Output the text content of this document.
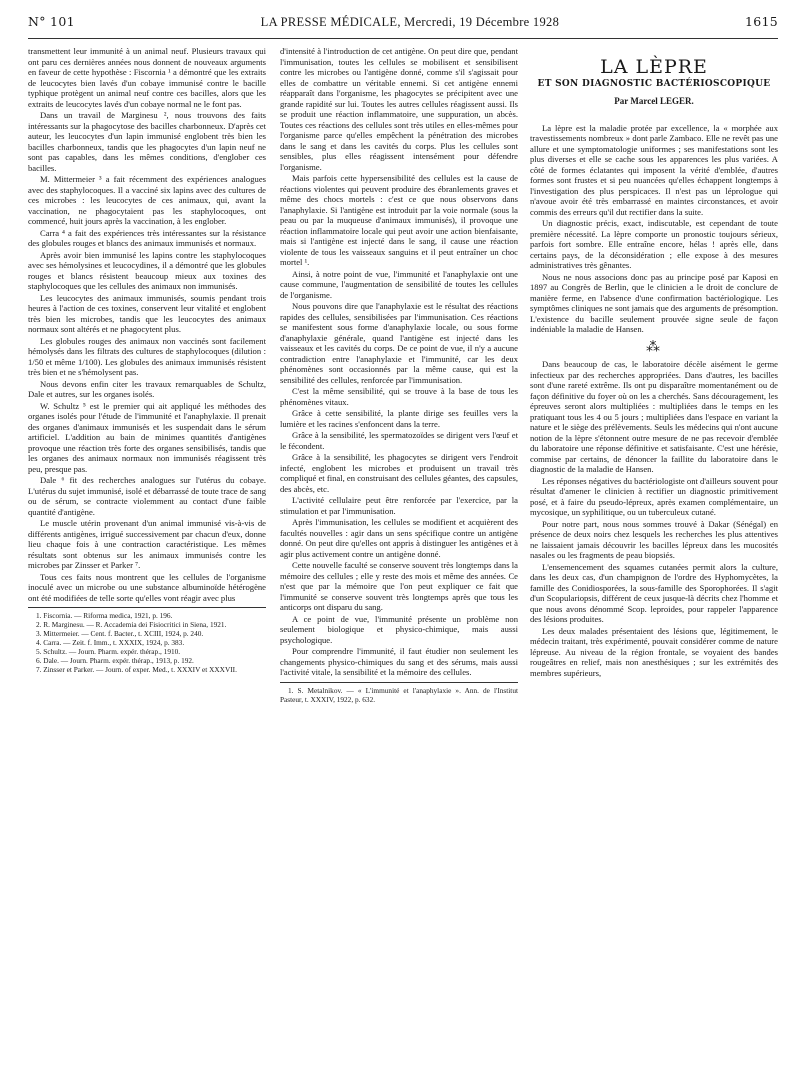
N° 101	LA PRESSE MÉDICALE, Mercredi, 19 Décembre 1928	1615

transmettent leur immunité à un animal neuf. Plusieurs travaux qui ont paru ces dernières années nous donnent de nouveaux arguments en faveur de cette hypothèse : Fiscornia ¹ a démontré que les extraits de leucocytes bien lavés d'un cobaye immunisé contre le bacille typhique protègent un animal neuf contre ces bacilles, alors que les extraits de leucocytes lavés d'un cobaye normal ne le font pas.

Dans un travail de Marginesu ², nous trouvons des faits intéressants sur la phagocytose des bacilles charbonneux. D'après cet auteur, les leucocytes d'un lapin immunisé englobent très bien les bacilles charbonneux, tandis que les phagocytes d'un lapin neuf ne sont pas capables, dans les mêmes conditions, d'englober ces bacilles.

M. Mittermeier ³ a fait récemment des expériences analogues avec des staphylocoques. Il a vacciné six lapins avec des cultures de ces microbes : les leucocytes de ces animaux, qui, avant la vaccination, ne phagocytaient pas les staphylocoques, ont commencé, huit jours après la vaccination, à les englober.

Carra ⁴ a fait des expériences très intéressantes sur la résistance des globules rouges et blancs des animaux immunisés et normaux.

Après avoir bien immunisé les lapins contre les staphylocoques avec ses hémolysines et leucocydines, il a démontré que les globules rouges et blancs résistent beaucoup mieux aux toxines des staphylocoques que les cellules des animaux non immunisés.

Les leucocytes des animaux immunisés, soumis pendant trois heures à l'action de ces toxines, conservent leur vitalité et englobent très bien les microbes, tandis que les leucocytes des animaux normaux sont altérés et ne phagocytent plus.

Les globules rouges des animaux non vaccinés sont facilement hémolysés dans les filtrats des cultures de staphylocoques (dilution : 1/50 et même 1/100). Les globules des animaux immunisés résistent très bien et ne s'hémolysent pas.

Nous devons enfin citer les travaux remarquables de Schultz, Dale et autres, sur les organes isolés.

W. Schultz ⁵ est le premier qui ait appliqué les méthodes des organes isolés pour l'étude de l'immunité et l'anaphylaxie. Il prenait des organes d'animaux immunisés et les suspendait dans le sérum artificiel. L'addition au bain de minimes quantités d'antigènes provoque une réaction très forte des organes sensibilisés, tandis que les organes des animaux normaux non immunisés réagissent très peu, presque pas.

Dale ⁶ fit des recherches analogues sur l'utérus du cobaye. L'utérus du sujet immunisé, isolé et débarrassé de toute trace de sang ou de sérum, se contracte violemment au contact d'une faible quantité d'antigène.

Le muscle utérin provenant d'un animal immunisé vis-à-vis de différents antigènes, irrigué successivement par chacun d'eux, donne lieu chaque fois à une contraction caractéristique. Les mêmes résultats sont obtenus sur les animaux immunisés contre les microbes par Zinsser et Parker ⁷.

Tous ces faits nous montrent que les cellules de l'organisme inoculé avec un microbe ou une substance albuminoïde hétérogène ont été modifiées de telle sorte qu'elles vont réagir avec plus

1. Fiscornia. — Riforma medica, 1921, p. 196.
2. R. Marginesu. — R. Accademia dei Fisiocritici in Siena, 1921.
3. Mittermeier. — Cent. f. Bacter., t. XCIII, 1924, p. 240.
4. Carra. — Zeit. f. Imm., t. XXXIX, 1924, p. 383.
5. Schultz. — Journ. Pharm. expér. thérap., 1910.
6. Dale. — Journ. Pharm. expér. thérap., 1913, p. 192.
7. Zinsser et Parker. — Journ. of exper. Med., t. XXXIV et XXXVII.

d'intensité à l'introduction de cet antigène. On peut dire que, pendant l'immunisation, toutes les cellules se mobilisent et sensibilisent contre les microbes ou l'antigène donné, comme s'il s'agissait pour elles de combattre un véritable ennemi. Si cet antigène ennemi réapparaît dans l'organisme, les phagocytes se précipitent avec une grande rapidité sur lui. Toutes les autres cellules réagissent aussi. Ils se produit une réaction inflammatoire, une suppuration, un abcès. Toutes ces réactions des cellules sont très utiles en elles-mêmes pour l'organisme parce qu'elles empêchent la pénétration des microbes dans le sang et dans les cavités du corps. Plus les cellules sont sensibles, plus elles réagissent intensément pour défendre l'organisme.

Mais parfois cette hypersensibilité des cellules est la cause de réactions violentes qui peuvent produire des ébranlements graves et même des chocs mortels : c'est ce que nous observons dans l'anaphylaxie. Si l'antigène est introduit par la voie normale (sous la peau ou par la muqueuse d'animaux immunisés), il provoque une réaction inflammatoire locale qui peut avoir une action bienfaisante, mais si l'antigène est injecté dans le sang, il cause une réaction violente de tous les vaisseaux sanguins et il peut entraîner un choc mortel ¹.

Ainsi, à notre point de vue, l'immunité et l'anaphylaxie ont une cause commune, l'augmentation de sensibilité de toutes les cellules de l'organisme.

Nous pouvons dire que l'anaphylaxie est le résultat des réactions rapides des cellules, sensibilisées par l'immunisation. Ces réactions se manifestent sous forme d'anaphylaxie locale, ou sous forme d'anaphylaxie générale, quand l'antigène est injecté dans les vaisseaux et les cavités du corps. De ce point de vue, il n'y a aucune contradiction entre l'anaphylaxie et l'immunité, car les deux phénomènes sont occasionnés par la même cause, qui est la sensibilité des cellules, renforcée par l'immunisation.

C'est la même sensibilité, qui se trouve à la base de tous les phénomènes vitaux.

Grâce à cette sensibilité, la plante dirige ses feuilles vers la lumière et les racines s'enfoncent dans la terre.

Grâce à la sensibilité, les spermatozoïdes se dirigent vers l'œuf et le fécondent.

Grâce à la sensibilité, les phagocytes se dirigent vers l'endroit infecté, englobent les microbes et produisent un travail très compliqué et final, en construisant des cellules géantes, des capsules, des abcès, etc.

L'activité cellulaire peut être renforcée par l'exercice, par la stimulation et par l'immunisation.

Après l'immunisation, les cellules se modifient et acquièrent des facultés nouvelles : agir dans un sens spécifique contre un antigène donné. On peut dire qu'elles ont appris à distinguer les antigènes et à agir plus activement contre un antigène donné.

Cette nouvelle faculté se conserve souvent très longtemps dans la mémoire des cellules ; elle y reste des mois et même des années. Ce n'est que par la mémoire que l'on peut expliquer ce fait que l'immunité se conserve souvent très longtemps après que tous les anticorps ont disparu du sang.

A ce point de vue, l'immunité présente un problème non seulement biologique et physico-chimique, mais aussi psychologique.

Pour comprendre l'immunité, il faut étudier non seulement les changements physico-chimiques du sang et des sérums, mais aussi l'activité vitale, la sensibilité et la mémoire des cellules.

1. S. Metalnikov. — « L'immunité et l'anaphylaxie ». Ann. de l'Institut Pasteur, t. XXXIV, 1922, p. 632.
LA LÈPRE
ET SON DIAGNOSTIC BACTÉRIOSCOPIQUE
Par Marcel LEGER.

La lèpre est la maladie protée par excellence, la « morphée aux travestissements nombreux » dont parle Zambaco. Elle ne revêt pas une allure et une symptomatologie uniformes ; ses manifestations sont les plus diverses et elle se cache sous les apparences les plus variées. A côté de formes éclatantes qui imposent la vérité d'emblée, d'autres formes sont frustes et si peu nuancées qu'elles échappent longtemps à l'investigation des plus perspicaces. Il n'est pas un léprologue qui n'avoue avoir été très embarrassé en maintes circonstances, et avoir commis des erreurs qu'il dut rectifier dans la suite.

Un diagnostic précis, exact, indiscutable, est cependant de toute première nécessité. La lèpre comporte un pronostic toujours sérieux, parfois fort sombre. Elle entraîne encore, hélas ! après elle, dans certains pays, de la déconsidération ; elle expose à des mesures administratives très gênantes.

Nous ne nous associons donc pas au principe posé par Kaposi en 1897 au Congrès de Berlin, que le clinicien a le droit de conclure de manière ferme, en l'absence d'une confirmation bactériologique. Les symptômes cliniques ne sont jamais que des arguments de présomption. L'existence du bacille seulement prouvée signe seule de façon indéniable la maladie de Hansen.

⁂

Dans beaucoup de cas, le laboratoire décèle aisément le germe infectieux par des recherches appropriées. Dans d'autres, les bacilles sont d'une rareté extrême. Ils ont pu disparaître momentanément ou de façon définitive du foyer où on les a cherchés. Sans découragement, les épreuves seront alors multipliées : multipliées dans le temps en les pratiquant tous les 4 ou 5 jours ; multipliées dans l'espace en variant la nature et le siège des prélèvements. Seuls les médecins qui n'ont aucune notion de la lèpre s'étonnent outre mesure de ne pas recevoir d'emblée du laboratoire une réponse définitive et satisfaisante. C'est une hérésie, commise par certains, de dénoncer la faillite du laboratoire dans le diagnostic de la maladie de Hansen.

Les réponses négatives du bactériologiste ont d'ailleurs souvent pour résultat d'amener le clinicien à rectifier un diagnostic primitivement posé, et à faire du pseudo-lépreux, après examen complémentaire, un mycosique, un syphilitique, ou un tuberculeux cutané.

Pour notre part, nous nous sommes trouvé à Dakar (Sénégal) en présence de deux noirs chez lesquels les recherches les plus attentives ne laissaient jamais découvrir les bacilles lépreux dans les mucosités nasales ou les fragments de peau biopsiés.

L'ensemencement des squames cutanées permit alors la culture, dans les deux cas, d'un champignon de l'ordre des Hyphomycètes, la famille des Conidiosporées, la sous-famille des Sporophorées. Il s'agit d'un Scopulariopsis, différent de ceux jusque-là décrits chez l'homme et que nous avons dénommé Scop. leproides, pour rappeler l'apparence des lésions produites.

Les deux malades présentaient des lésions que, légitimement, le médecin traitant, très expérimenté, pouvait considérer comme de nature lépreuse. Au niveau de la région frontale, se voyaient des bandes rougeâtres en relief, mais non anesthésiques ; sur les extrémités des membres supérieurs,
